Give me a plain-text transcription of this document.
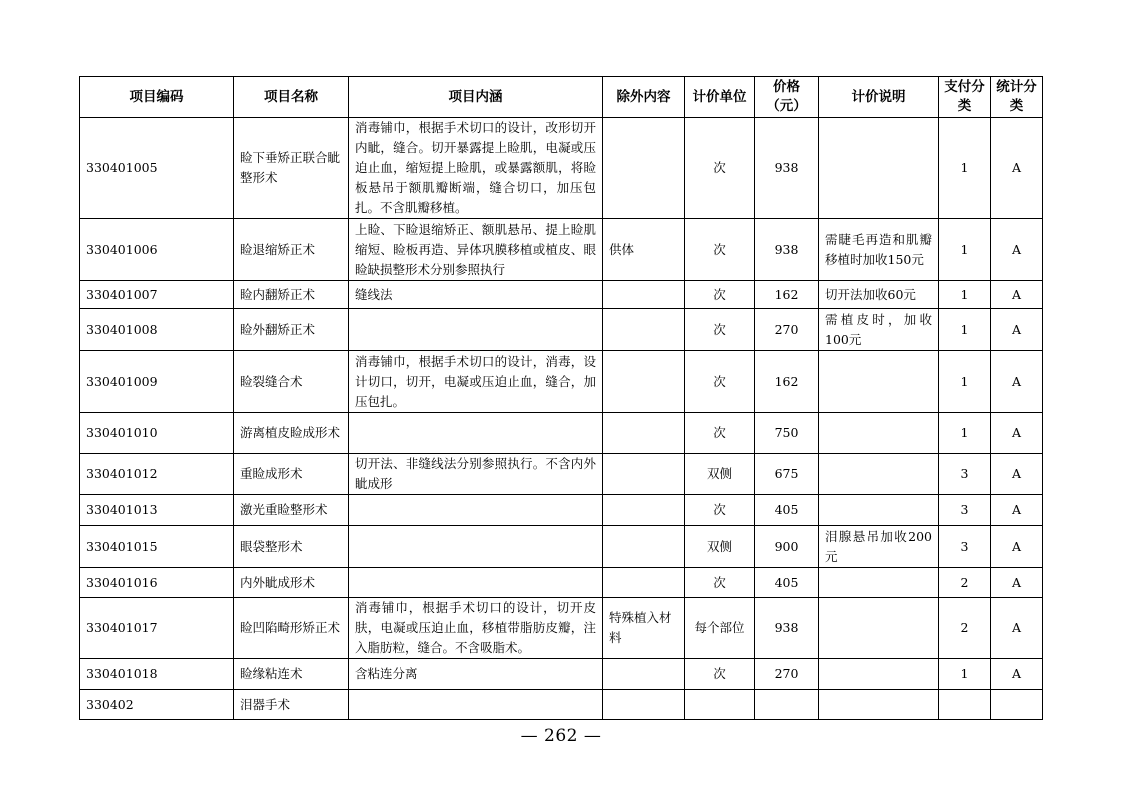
项目编码	项目名称	项目内涵	除外内容	计价单位	价格（元）	计价说明	支付分类	统计分类
330401005	睑下垂矫正联合眦整形术	消毒铺巾，根据手术切口的设计，改形切开内眦，缝合。切开暴露提上睑肌，电凝或压迫止血，缩短提上睑肌，或暴露额肌，将睑板悬吊于额肌瓣断端，缝合切口，加压包扎。不含肌瓣移植。		次	938		1	A
330401006	睑退缩矫正术	上睑、下睑退缩矫正、额肌悬吊、提上睑肌缩短、睑板再造、异体巩膜移植或植皮、眼睑缺损整形术分别参照执行	供体	次	938	需睫毛再造和肌瓣移植时加收150元	1	A
330401007	睑内翻矫正术	缝线法		次	162	切开法加收60元	1	A
330401008	睑外翻矫正术			次	270	需植皮时，加收100元	1	A
330401009	睑裂缝合术	消毒铺巾，根据手术切口的设计，消毒，设计切口，切开，电凝或压迫止血，缝合，加压包扎。		次	162		1	A
330401010	游离植皮睑成形术			次	750		1	A
330401012	重睑成形术	切开法、非缝线法分别参照执行。不含内外眦成形		双侧	675		3	A
330401013	激光重睑整形术			次	405		3	A
330401015	眼袋整形术			双侧	900	泪腺悬吊加收200元	3	A
330401016	内外眦成形术			次	405		2	A
330401017	睑凹陷畸形矫正术	消毒铺巾，根据手术切口的设计，切开皮肤，电凝或压迫止血，移植带脂肪皮瓣，注入脂肪粒，缝合。不含吸脂术。	特殊植入材料	每个部位	938		2	A
330401018	睑缘粘连术	含粘连分离		次	270		1	A
330402	泪器手术							
— 262 —
